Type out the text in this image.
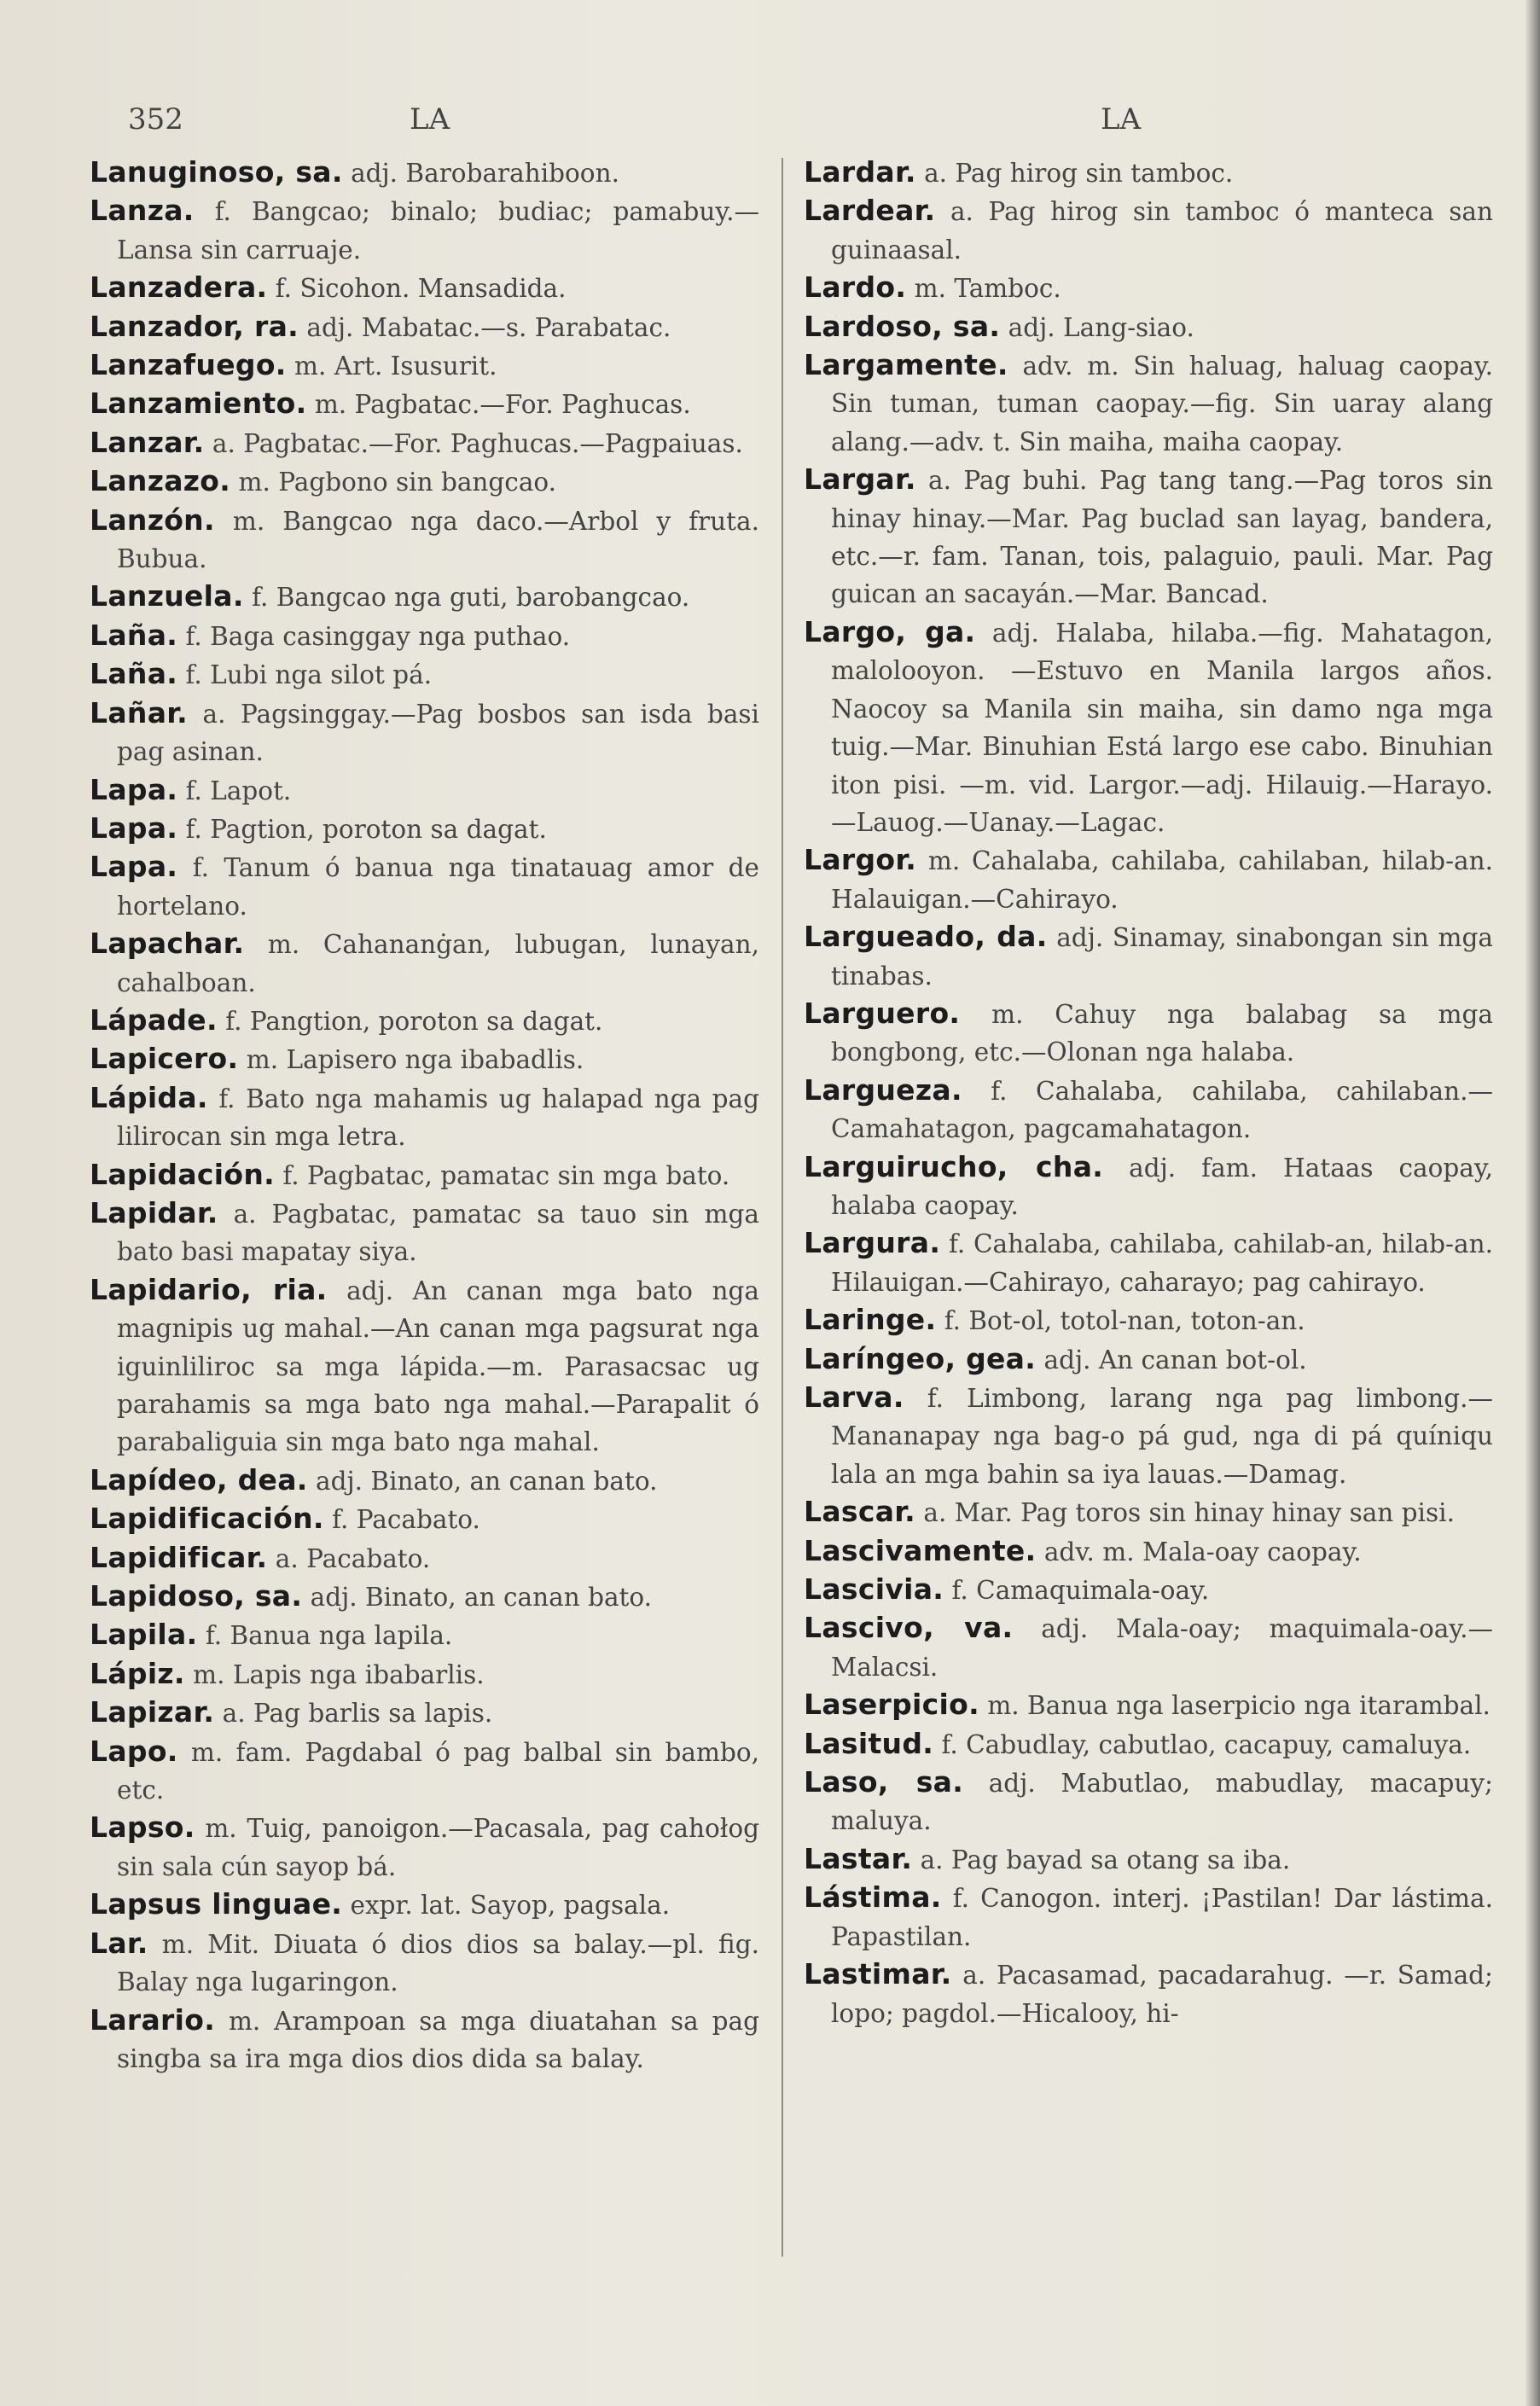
352	LA	LA

Lanuginoso, sa. adj. Barobarahiboon.

Lanza. f. Bangcao; binalo; budiac; pamabuy.—Lansa sin carruaje.

Lanzadera. f. Sicohon. Mansadida.

Lanzador, ra. adj. Mabatac.—s. Parabatac.

Lanzafuego. m. Art. Isusurit.

Lanzamiento. m. Pagbatac.—For. Paghucas.

Lanzar. a. Pagbatac.—For. Paghucas.—Pagpaiuas.

Lanzazo. m. Pagbono sin bangcao.

Lanzón. m. Bangcao nga daco.—Arbol y fruta. Bubua.

Lanzuela. f. Bangcao nga guti, barobangcao.

Laña. f. Baga casinggay nga puthao.

Laña. f. Lubi nga silot pá.

Lañar. a. Pagsinggay.—Pag bosbos san isda basi pag asinan.

Lapa. f. Lapot.

Lapa. f. Pagtion, poroton sa dagat.

Lapa. f. Tanum ó banua nga tinatauag amor de hortelano.

Lapachar. m. Cahananġan, lubugan, lunayan, cahalboan.

Lápade. f. Pangtion, poroton sa dagat.

Lapicero. m. Lapisero nga ibabadlis.

Lápida. f. Bato nga mahamis ug halapad nga pag lilirocan sin mga letra.

Lapidación. f. Pagbatac, pamatac sin mga bato.

Lapidar. a. Pagbatac, pamatac sa tauo sin mga bato basi mapatay siya.

Lapidario, ria. adj. An canan mga bato nga magnipis ug mahal.—An canan mga pagsurat nga iguinliliroc sa mga lápida.—m. Parasacsac ug parahamis sa mga bato nga mahal.—Parapalit ó parabaliguia sin mga bato nga mahal.

Lapídeo, dea. adj. Binato, an canan bato.

Lapidificación. f. Pacabato.

Lapidificar. a. Pacabato.

Lapidoso, sa. adj. Binato, an canan bato.

Lapila. f. Banua nga lapila.

Lápiz. m. Lapis nga ibabarlis.

Lapizar. a. Pag barlis sa lapis.

Lapo. m. fam. Pagdabal ó pag balbal sin bambo, etc.

Lapso. m. Tuig, panoigon.—Pacasala, pag cahołog sin sala cún sayop bá.

Lapsus linguae. expr. lat. Sayop, pagsala.

Lar. m. Mit. Diuata ó dios dios sa balay.—pl. fig. Balay nga lugaringon.

Larario. m. Arampoan sa mga diuatahan sa pag singba sa ira mga dios dios dida sa balay.

Lardar. a. Pag hirog sin tamboc.

Lardear. a. Pag hirog sin tamboc ó manteca san guinaasal.

Lardo. m. Tamboc.

Lardoso, sa. adj. Lang-siao.

Largamente. adv. m. Sin haluag, haluag caopay. Sin tuman, tuman caopay.—fig. Sin uaray alang alang.—adv. t. Sin maiha, maiha caopay.

Largar. a. Pag buhi. Pag tang tang.—Pag toros sin hinay hinay.—Mar. Pag buclad san layag, bandera, etc.—r. fam. Tanan, tois, palaguio, pauli. Mar. Pag guican an sacayán.—Mar. Bancad.

Largo, ga. adj. Halaba, hilaba.—fig. Mahatagon, malolooyon. —Estuvo en Manila largos años. Naocoy sa Manila sin maiha, sin damo nga mga tuig.—Mar. Binuhian Está largo ese cabo. Binuhian iton pisi. —m. vid. Largor.—adj. Hilauig.—Harayo. —Lauog.—Uanay.—Lagac.

Largor. m. Cahalaba, cahilaba, cahilaban, hilab-an. Halauigan.—Cahirayo.

Largueado, da. adj. Sinamay, sinabongan sin mga tinabas.

Larguero. m. Cahuy nga balabag sa mga bongbong, etc.—Olonan nga halaba.

Largueza. f. Cahalaba, cahilaba, cahilaban.—Camahatagon, pagcamahatagon.

Larguirucho, cha. adj. fam. Hataas caopay, halaba caopay.

Largura. f. Cahalaba, cahilaba, cahilab-an, hilab-an. Hilauigan.—Cahirayo, caharayo; pag cahirayo.

Laringe. f. Bot-ol, totol-nan, toton-an.

Laríngeo, gea. adj. An canan bot-ol.

Larva. f. Limbong, larang nga pag limbong.—Mananapay nga bag-o pá gud, nga di pá quíniqu lala an mga bahin sa iya lauas.—Damag.

Lascar. a. Mar. Pag toros sin hinay hinay san pisi.

Lascivamente. adv. m. Mala-oay caopay.

Lascivia. f. Camaquimala-oay.

Lascivo, va. adj. Mala-oay; maquimala-oay.—Malacsi.

Laserpicio. m. Banua nga laserpicio nga itarambal.

Lasitud. f. Cabudlay, cabutlao, cacapuy, camaluya.

Laso, sa. adj. Mabutlao, mabudlay, macapuy; maluya.

Lastar. a. Pag bayad sa otang sa iba.

Lástima. f. Canogon. interj. ¡Pastilan! Dar lástima. Papastilan.

Lastimar. a. Pacasamad, pacadarahug. —r. Samad; lopo; pagdol.—Hicalooy, hi-
